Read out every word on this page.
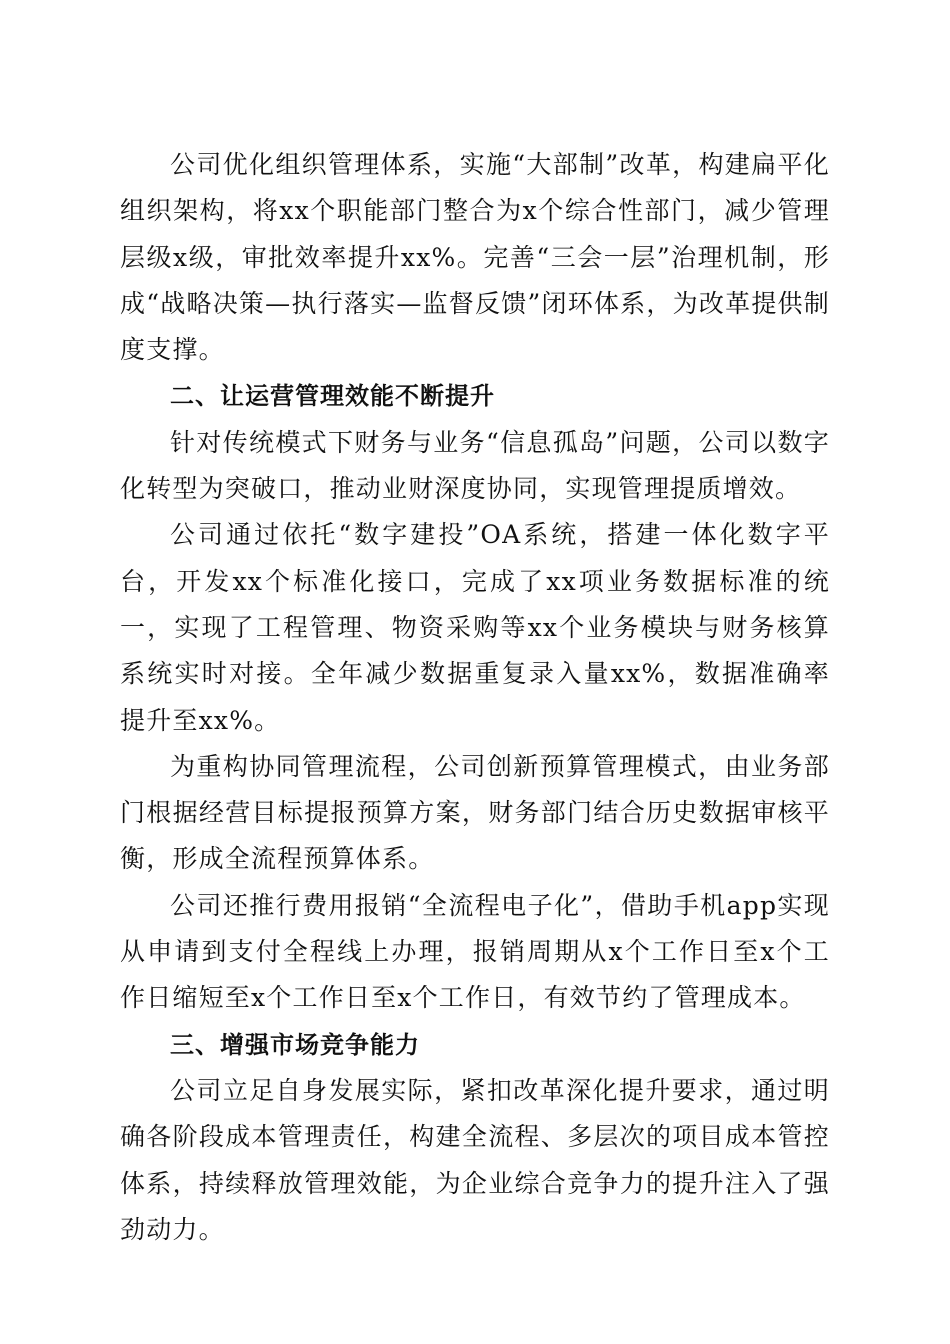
公司优化组织管理体系，实施“大部制”改革，构建扁平化组织架构，将xx个职能部门整合为x个综合性部门，减少管理层级x级，审批效率提升xx%。完善“三会一层”治理机制，形成“战略决策—执行落实—监督反馈”闭环体系，为改革提供制度支撑。

二、让运营管理效能不断提升

针对传统模式下财务与业务“信息孤岛”问题，公司以数字化转型为突破口，推动业财深度协同，实现管理提质增效。

公司通过依托“数字建投”OA系统，搭建一体化数字平台，开发xx个标准化接口，完成了xx项业务数据标准的统一，实现了工程管理、物资采购等xx个业务模块与财务核算系统实时对接。全年减少数据重复录入量xx%，数据准确率提升至xx%。

为重构协同管理流程，公司创新预算管理模式，由业务部门根据经营目标提报预算方案，财务部门结合历史数据审核平衡，形成全流程预算体系。

公司还推行费用报销“全流程电子化”，借助手机app实现从申请到支付全程线上办理，报销周期从x个工作日至x个工作日缩短至x个工作日至x个工作日，有效节约了管理成本。

三、增强市场竞争能力

公司立足自身发展实际，紧扣改革深化提升要求，通过明确各阶段成本管理责任，构建全流程、多层次的项目成本管控体系，持续释放管理效能，为企业综合竞争力的提升注入了强劲动力。
